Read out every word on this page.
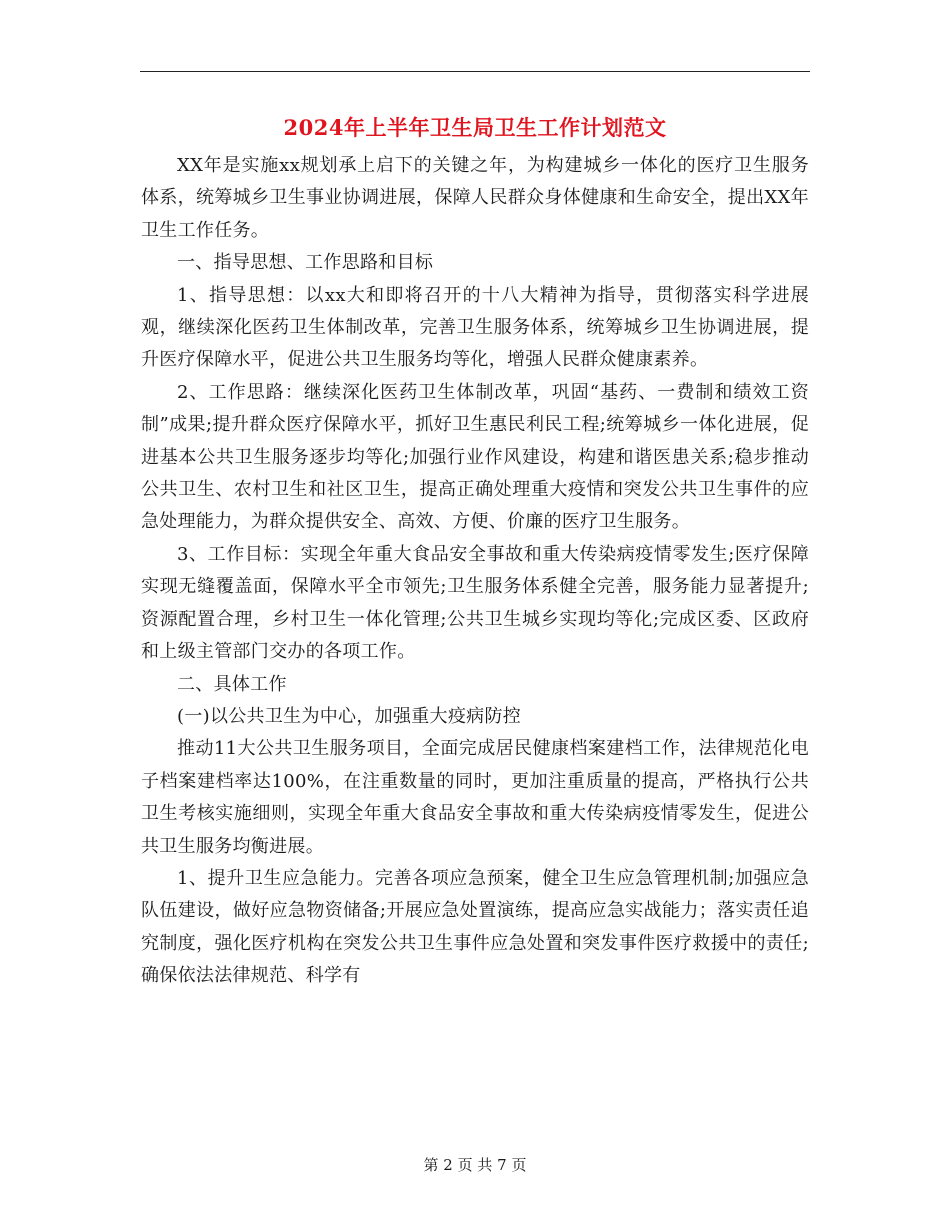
2024年上半年卫生局卫生工作计划范文

XX年是实施xx规划承上启下的关键之年，为构建城乡一体化的医疗卫生服务体系，统筹城乡卫生事业协调进展，保障人民群众身体健康和生命安全，提出XX年卫生工作任务。

一、指导思想、工作思路和目标

1、指导思想：以xx大和即将召开的十八大精神为指导，贯彻落实科学进展观，继续深化医药卫生体制改革，完善卫生服务体系，统筹城乡卫生协调进展，提升医疗保障水平，促进公共卫生服务均等化，增强人民群众健康素养。

2、工作思路：继续深化医药卫生体制改革，巩固“基药、一费制和绩效工资制”成果;提升群众医疗保障水平，抓好卫生惠民利民工程;统筹城乡一体化进展，促进基本公共卫生服务逐步均等化;加强行业作风建设，构建和谐医患关系;稳步推动公共卫生、农村卫生和社区卫生，提高正确处理重大疫情和突发公共卫生事件的应急处理能力，为群众提供安全、高效、方便、价廉的医疗卫生服务。

3、工作目标：实现全年重大食品安全事故和重大传染病疫情零发生;医疗保障实现无缝覆盖面，保障水平全市领先;卫生服务体系健全完善，服务能力显著提升;资源配置合理，乡村卫生一体化管理;公共卫生城乡实现均等化;完成区委、区政府和上级主管部门交办的各项工作。

二、具体工作

(一)以公共卫生为中心，加强重大疫病防控

推动11大公共卫生服务项目，全面完成居民健康档案建档工作，法律规范化电子档案建档率达100%，在注重数量的同时，更加注重质量的提高，严格执行公共卫生考核实施细则，实现全年重大食品安全事故和重大传染病疫情零发生，促进公共卫生服务均衡进展。

1、提升卫生应急能力。完善各项应急预案，健全卫生应急管理机制;加强应急队伍建设，做好应急物资储备;开展应急处置演练，提高应急实战能力；落实责任追究制度，强化医疗机构在突发公共卫生事件应急处置和突发事件医疗救援中的责任;确保依法法律规范、科学有

第 2 页 共 7 页
